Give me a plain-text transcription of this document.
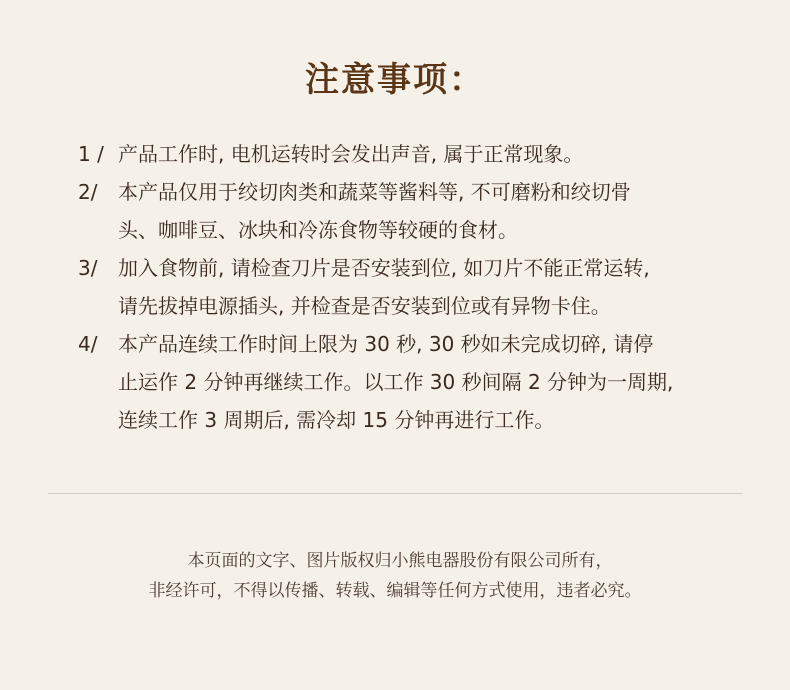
注意事项：
1 / 产品工作时, 电机运转时会发出声音, 属于正常现象。
2/ 本产品仅用于绞切肉类和蔬菜等酱料等, 不可磨粉和绞切骨
头、咖啡豆、冰块和冷冻食物等较硬的食材。
3/ 加入食物前, 请检查刀片是否安装到位, 如刀片不能正常运转,
请先拔掉电源插头, 并检查是否安装到位或有异物卡住。
4/ 本产品连续工作时间上限为 30 秒, 30 秒如未完成切碎, 请停
止运作 2 分钟再继续工作。以工作 30 秒间隔 2 分钟为一周期,
连续工作 3 周期后, 需冷却 15 分钟再进行工作。
本页面的文字、图片版权归小熊电器股份有限公司所有，
非经许可，不得以传播、转载、编辑等任何方式使用，违者必究。
